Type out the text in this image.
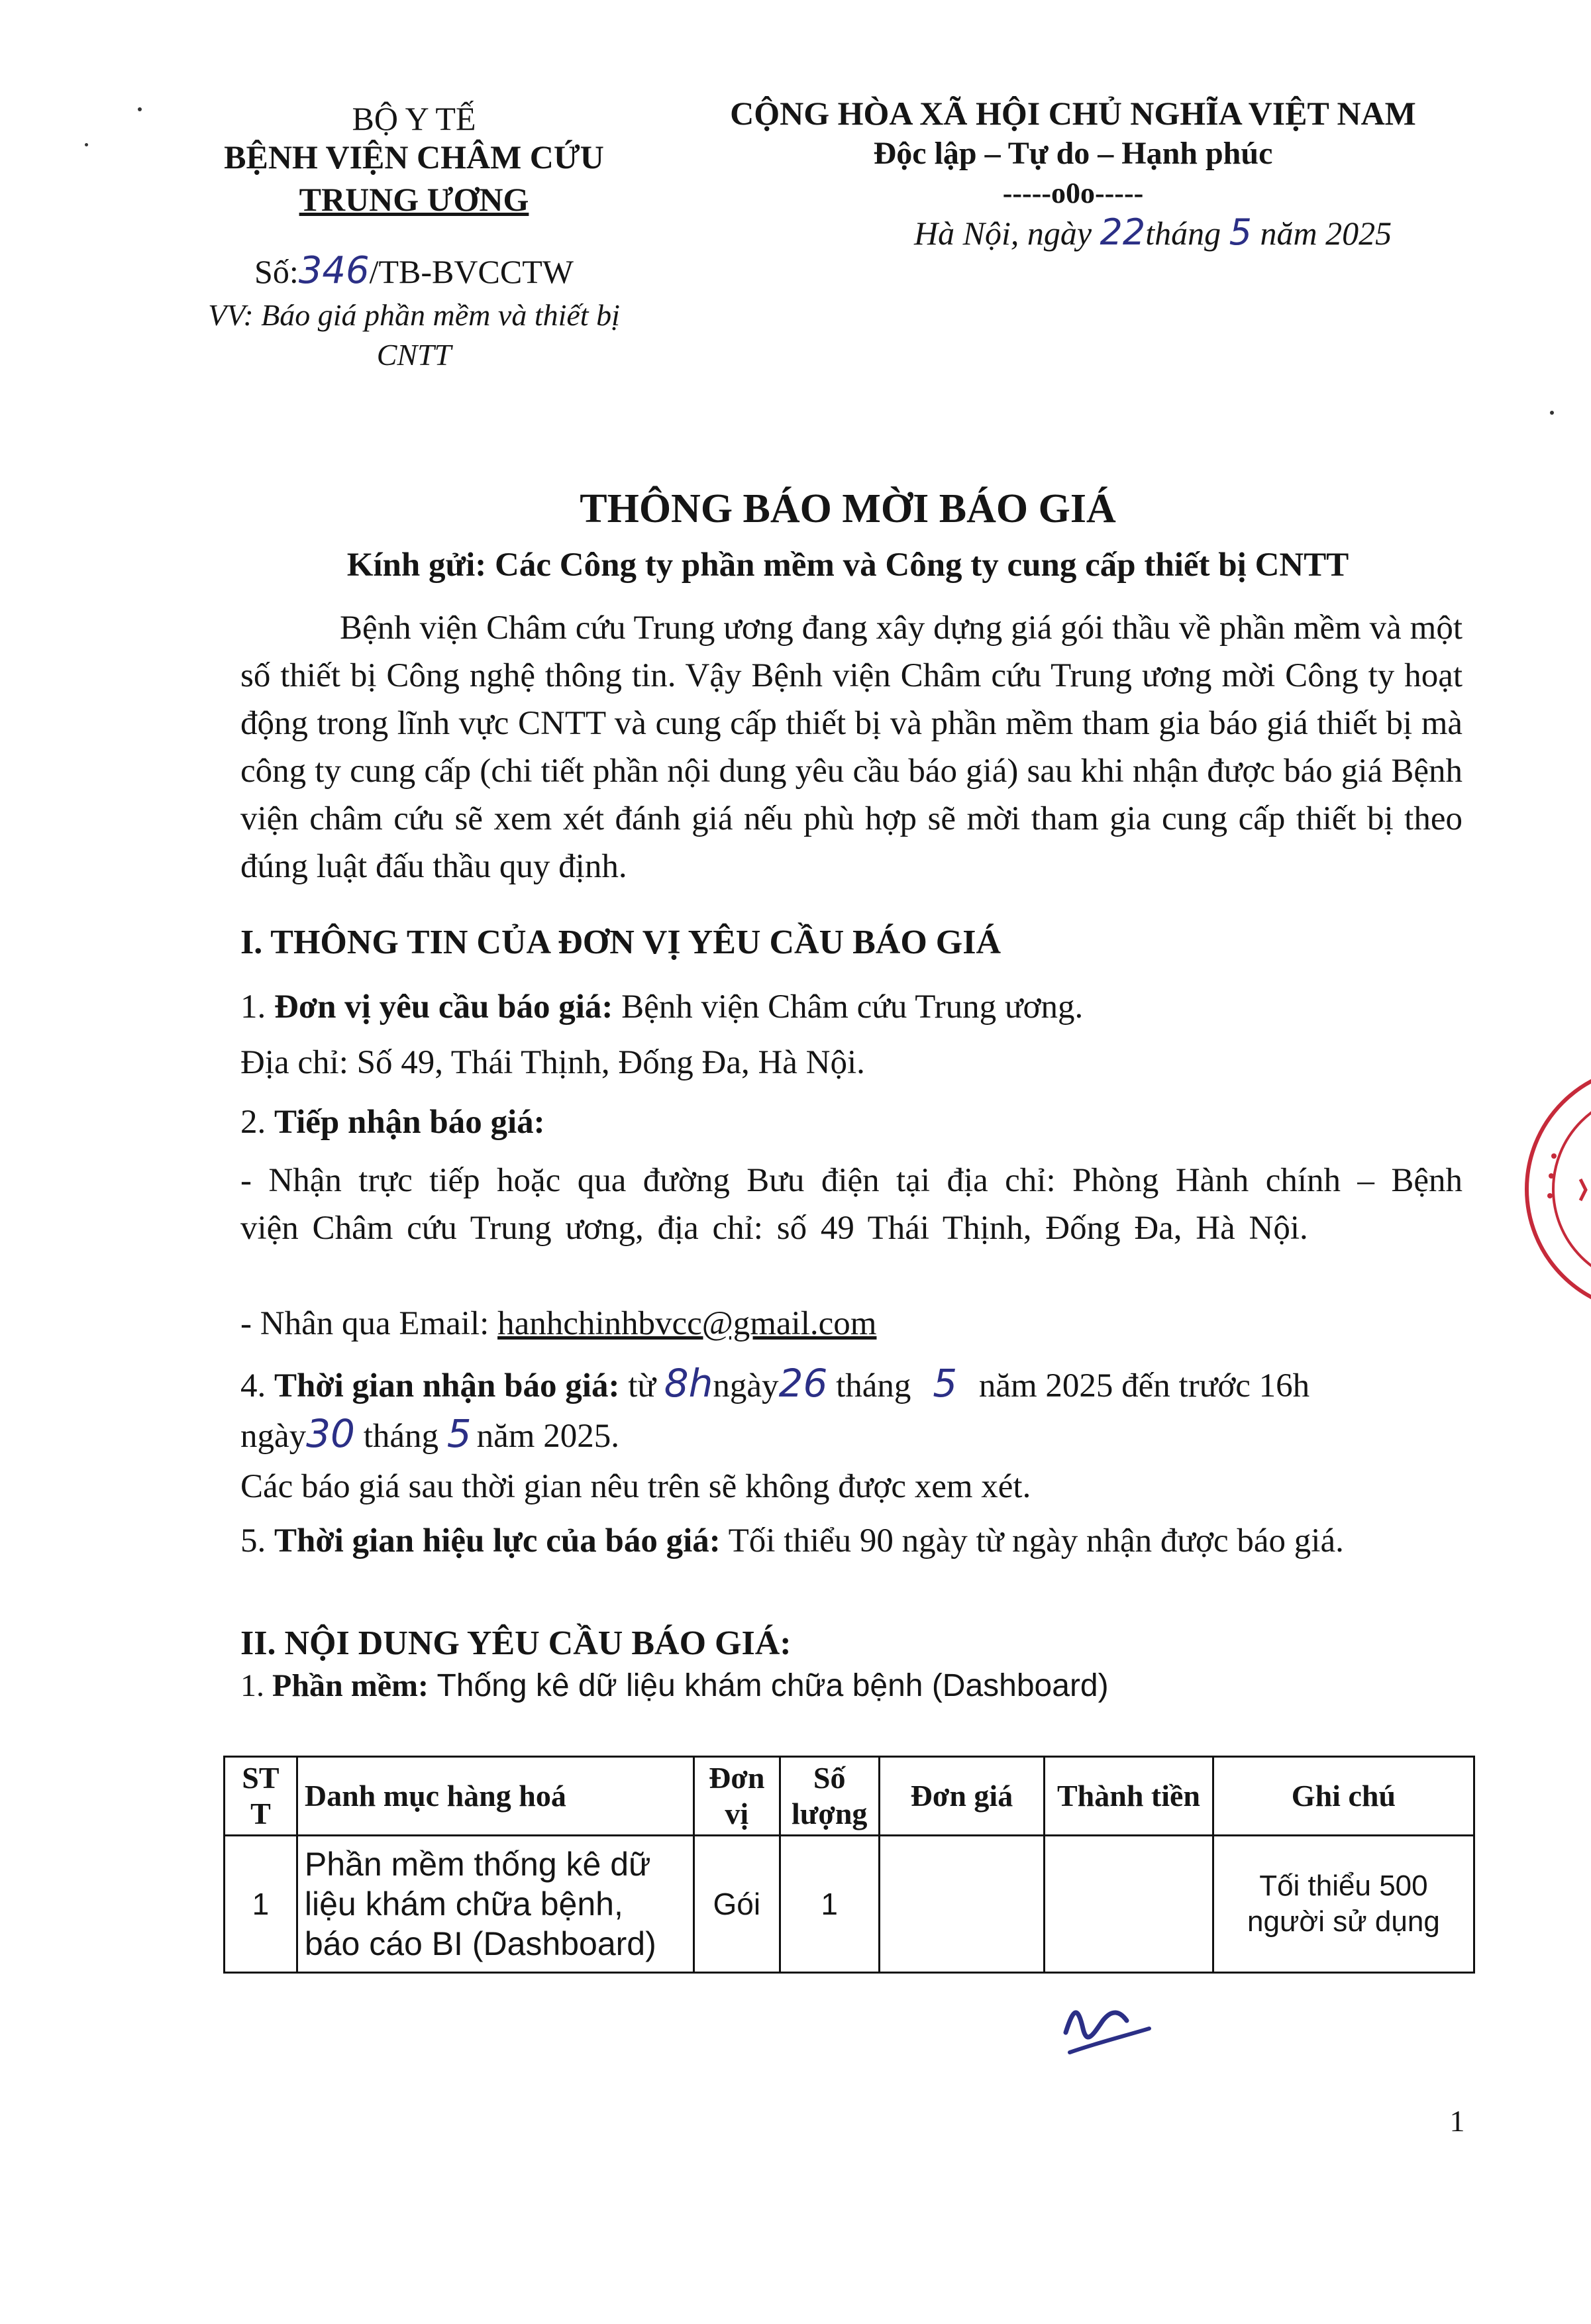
BỘ Y TẾ
BỆNH VIỆN CHÂM CỨU
TRUNG ƯƠNG
Số:346/TB-BVCCTW
VV: Báo giá phần mềm và thiết bị
CNTT
CỘNG HÒA XÃ HỘI CHỦ NGHĨA VIỆT NAM
Độc lập – Tự do – Hạnh phúc
-----o0o-----
Hà Nội, ngày 22tháng 5 năm 2025
THÔNG BÁO MỜI BÁO GIÁ
Kính gửi: Các Công ty phần mềm và Công ty cung cấp thiết bị CNTT
Bệnh viện Châm cứu Trung ương đang xây dựng giá gói thầu về phần mềm và một số thiết bị Công nghệ thông tin. Vậy Bệnh viện Châm cứu Trung ương mời Công ty hoạt động trong lĩnh vực CNTT và cung cấp thiết bị và phần mềm tham gia báo giá thiết bị mà công ty cung cấp (chi tiết phần nội dung yêu cầu báo giá) sau khi nhận được báo giá Bệnh viện châm cứu sẽ xem xét đánh giá nếu phù hợp sẽ mời tham gia cung cấp thiết bị theo đúng luật đấu thầu quy định.
I. THÔNG TIN CỦA ĐƠN VỊ YÊU CẦU BÁO GIÁ
1. Đơn vị yêu cầu báo giá: Bệnh viện Châm cứu Trung ương.
Địa chỉ: Số 49, Thái Thịnh, Đống Đa, Hà Nội.
2. Tiếp nhận báo giá:
- Nhận trực tiếp hoặc qua đường Bưu điện tại địa chỉ: Phòng Hành chính – Bệnh viện Châm cứu Trung ương, địa chỉ: số 49 Thái Thịnh, Đống Đa, Hà Nội.
- Nhân qua Email: hanhchinhbvcc@gmail.com
4. Thời gian nhận báo giá: từ 8hngày26 tháng 5 năm 2025 đến trước 16h
ngày30 tháng 5 năm 2025.
Các báo giá sau thời gian nêu trên sẽ không được xem xét.
5. Thời gian hiệu lực của báo giá: Tối thiểu 90 ngày từ ngày nhận được báo giá.
II. NỘI DUNG YÊU CẦU BÁO GIÁ:
1. Phần mềm: Thống kê dữ liệu khám chữa bệnh (Dashboard)
ST T	Danh mục hàng hoá	Đơn vị	Số lượng	Đơn giá	Thành tiền	Ghi chú
1	Phần mềm thống kê dữ liệu khám chữa bệnh, báo cáo BI (Dashboard)	Gói	1			Tối thiểu 500 người sử dụng
1
